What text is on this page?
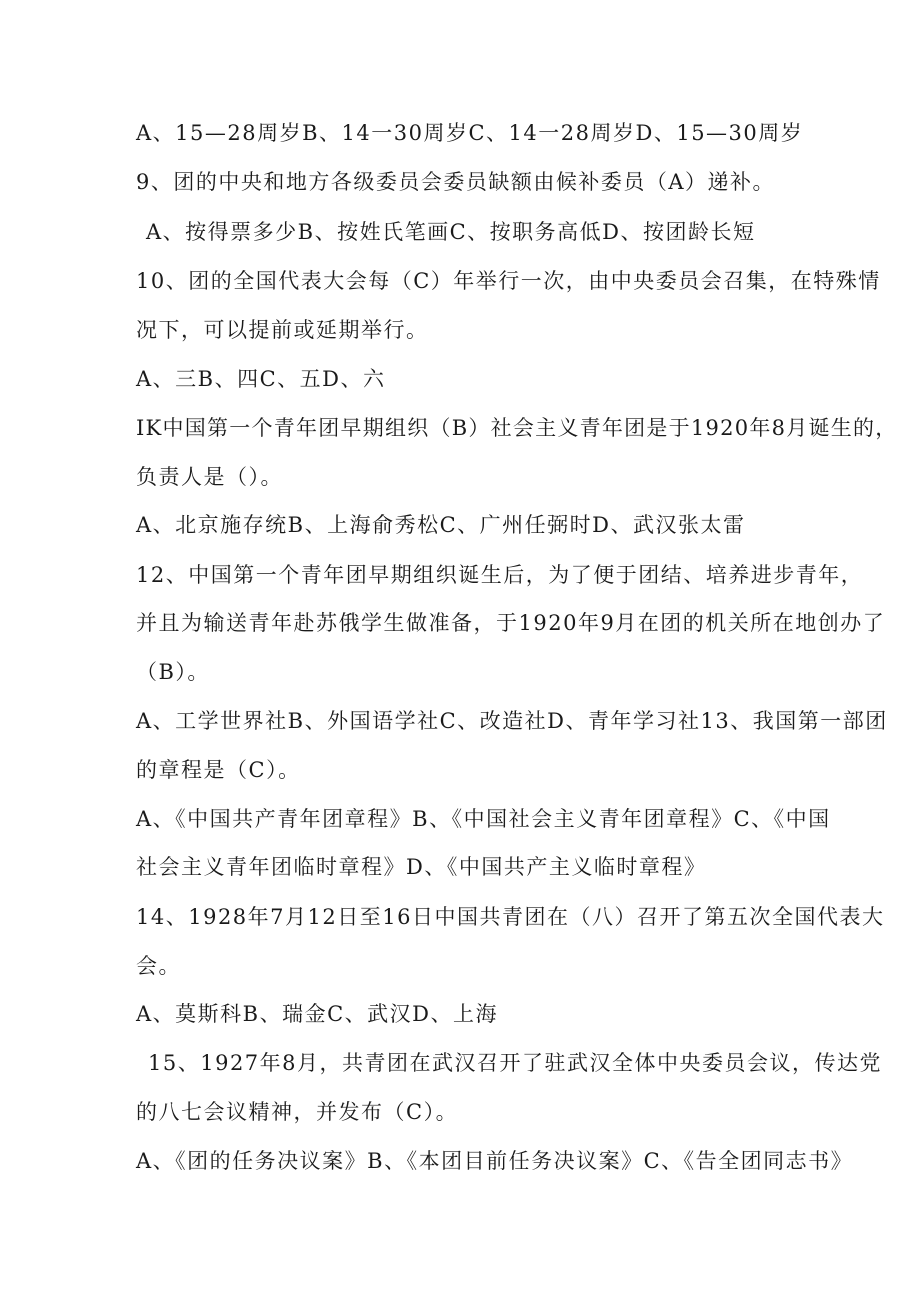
A、15—28周岁B、14一30周岁C、14一28周岁D、15—30周岁
9、团的中央和地方各级委员会委员缺额由候补委员（A）递补。
A、按得票多少B、按姓氏笔画C、按职务高低D、按团龄长短
10、团的全国代表大会每（C）年举行一次，由中央委员会召集，在特殊情
况下，可以提前或延期举行。
A、三B、四C、五D、六
IK中国第一个青年团早期组织（B）社会主义青年团是于1920年8月诞生的，
负责人是（）。
A、北京施存统B、上海俞秀松C、广州任弼时D、武汉张太雷
12、中国第一个青年团早期组织诞生后，为了便于团结、培养进步青年，
并且为输送青年赴苏俄学生做准备，于1920年9月在团的机关所在地创办了
（B）。
A、工学世界社B、外国语学社C、改造社D、青年学习社13、我国第一部团
的章程是（C）。
A、《中国共产青年团章程》B、《中国社会主义青年团章程》C、《中国
社会主义青年团临时章程》D、《中国共产主义临时章程》
14、1928年7月12日至16日中国共青团在（八）召开了第五次全国代表大
会。
A、莫斯科B、瑞金C、武汉D、上海
15、1927年8月，共青团在武汉召开了驻武汉全体中央委员会议，传达党
的八七会议精神，并发布（C）。
A、《团的任务决议案》B、《本团目前任务决议案》C、《告全团同志书》
